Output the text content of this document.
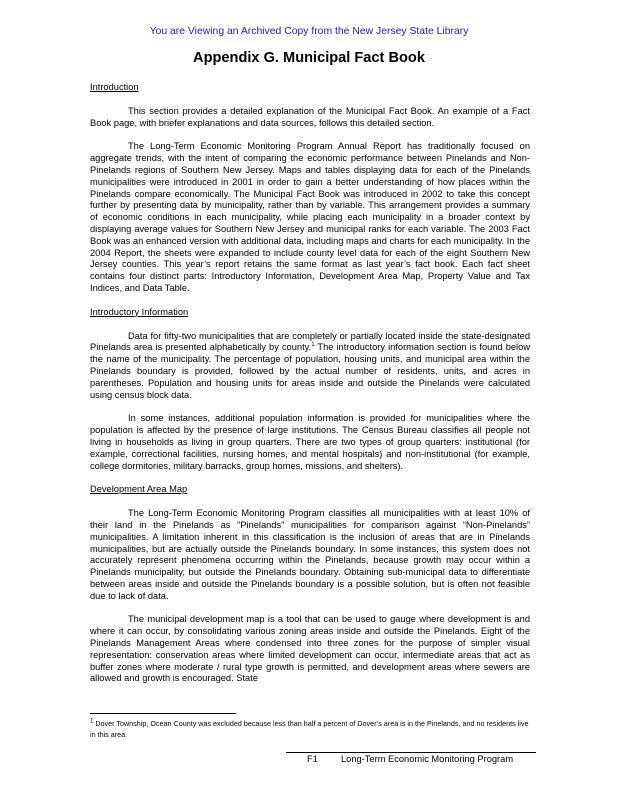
You are Viewing an Archived Copy from the New Jersey State Library
Appendix G. Municipal Fact Book
Introduction

This section provides a detailed explanation of the Municipal Fact Book. An example of a Fact Book page, with briefer explanations and data sources, follows this detailed section.

The Long-Term Economic Monitoring Program Annual Report has traditionally focused on aggregate trends, with the intent of comparing the economic performance between Pinelands and Non-Pinelands regions of Southern New Jersey. Maps and tables displaying data for each of the Pinelands municipalities were introduced in 2001 in order to gain a better understanding of how places within the Pinelands compare economically. The Municipal Fact Book was introduced in 2002 to take this concept further by presenting data by municipality, rather than by variable. This arrangement provides a summary of economic conditions in each municipality, while placing each municipality in a broader context by displaying average values for Southern New Jersey and municipal ranks for each variable. The 2003 Fact Book was an enhanced version with additional data, including maps and charts for each municipality. In the 2004 Report, the sheets were expanded to include county level data for each of the eight Southern New Jersey counties. This year’s report retains the same format as last year’s fact book. Each fact sheet contains four distinct parts: Introductory Information, Development Area Map, Property Value and Tax Indices, and Data Table.

Introductory Information

Data for fifty-two municipalities that are completely or partially located inside the state-designated Pinelands area is presented alphabetically by county.$^1$ The introductory information section is found below the name of the municipality. The percentage of population, housing units, and municipal area within the Pinelands boundary is provided, followed by the actual number of residents, units, and acres in parentheses. Population and housing units for areas inside and outside the Pinelands were calculated using census block data.

In some instances, additional population information is provided for municipalities where the population is affected by the presence of large institutions. The Census Bureau classifies all people not living in households as living in group quarters. There are two types of group quarters: institutional (for example, correctional facilities, nursing homes, and mental hospitals) and non-institutional (for example, college dormitories, military barracks, group homes, missions, and shelters).

Development Area Map

The Long-Term Economic Monitoring Program classifies all municipalities with at least 10% of their land in the Pinelands as “Pinelands” municipalities for comparison against “Non-Pinelands” municipalities. A limitation inherent in this classification is the inclusion of areas that are in Pinelands municipalities, but are actually outside the Pinelands boundary. In some instances, this system does not accurately represent phenomena occurring within the Pinelands, because growth may occur within a Pinelands municipality, but outside the Pinelands boundary. Obtaining sub-municipal data to differentiate between areas inside and outside the Pinelands boundary is a possible solution, but is often not feasible due to lack of data.

The municipal development map is a tool that can be used to gauge where development is and where it can occur, by consolidating various zoning areas inside and outside the Pinelands. Eight of the Pinelands Management Areas where condensed into three zones for the purpose of simpler visual representation: conservation areas where limited development can occur, intermediate areas that act as buffer zones where moderate / rural type growth is permitted, and development areas where sewers are allowed and growth is encouraged. State

$^1$ Dover Township, Ocean County was excluded because less than half a percent of Dover’s area is in the Pinelands, and no residents live in this area.
F1 Long-Term Economic Monitoring Program
